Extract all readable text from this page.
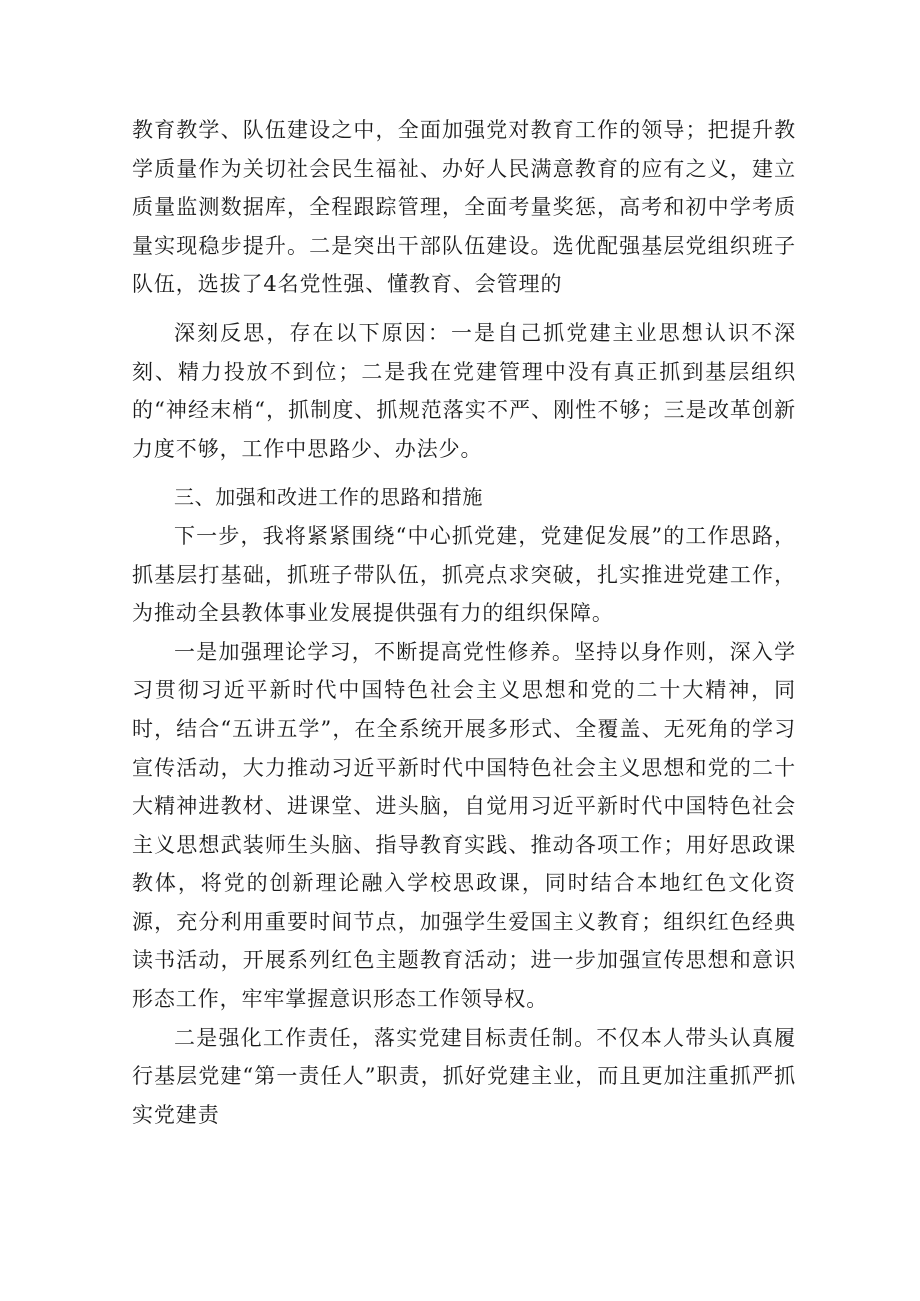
教育教学、队伍建设之中，全面加强党对教育工作的领导；把提升教学质量作为关切社会民生福祉、办好人民满意教育的应有之义，建立质量监测数据库，全程跟踪管理，全面考量奖惩，高考和初中学考质量实现稳步提升。二是突出干部队伍建设。选优配强基层党组织班子队伍，选拔了4名党性强、懂教育、会管理的

深刻反思，存在以下原因：一是自己抓党建主业思想认识不深刻、精力投放不到位；二是我在党建管理中没有真正抓到基层组织的“神经末梢“，抓制度、抓规范落实不严、刚性不够；三是改革创新力度不够，工作中思路少、办法少。

三、加强和改进工作的思路和措施

下一步，我将紧紧围绕“中心抓党建，党建促发展”的工作思路，抓基层打基础，抓班子带队伍，抓亮点求突破，扎实推进党建工作，为推动全县教体事业发展提供强有力的组织保障。

一是加强理论学习，不断提高党性修养。坚持以身作则，深入学习贯彻习近平新时代中国特色社会主义思想和党的二十大精神，同时，结合“五讲五学”，在全系统开展多形式、全覆盖、无死角的学习宣传活动，大力推动习近平新时代中国特色社会主义思想和党的二十大精神进教材、进课堂、进头脑，自觉用习近平新时代中国特色社会主义思想武装师生头脑、指导教育实践、推动各项工作；用好思政课教体，将党的创新理论融入学校思政课，同时结合本地红色文化资源，充分利用重要时间节点，加强学生爱国主义教育；组织红色经典读书活动，开展系列红色主题教育活动；进一步加强宣传思想和意识形态工作，牢牢掌握意识形态工作领导权。

二是强化工作责任，落实党建目标责任制。不仅本人带头认真履行基层党建“第一责任人”职责，抓好党建主业，而且更加注重抓严抓实党建责
